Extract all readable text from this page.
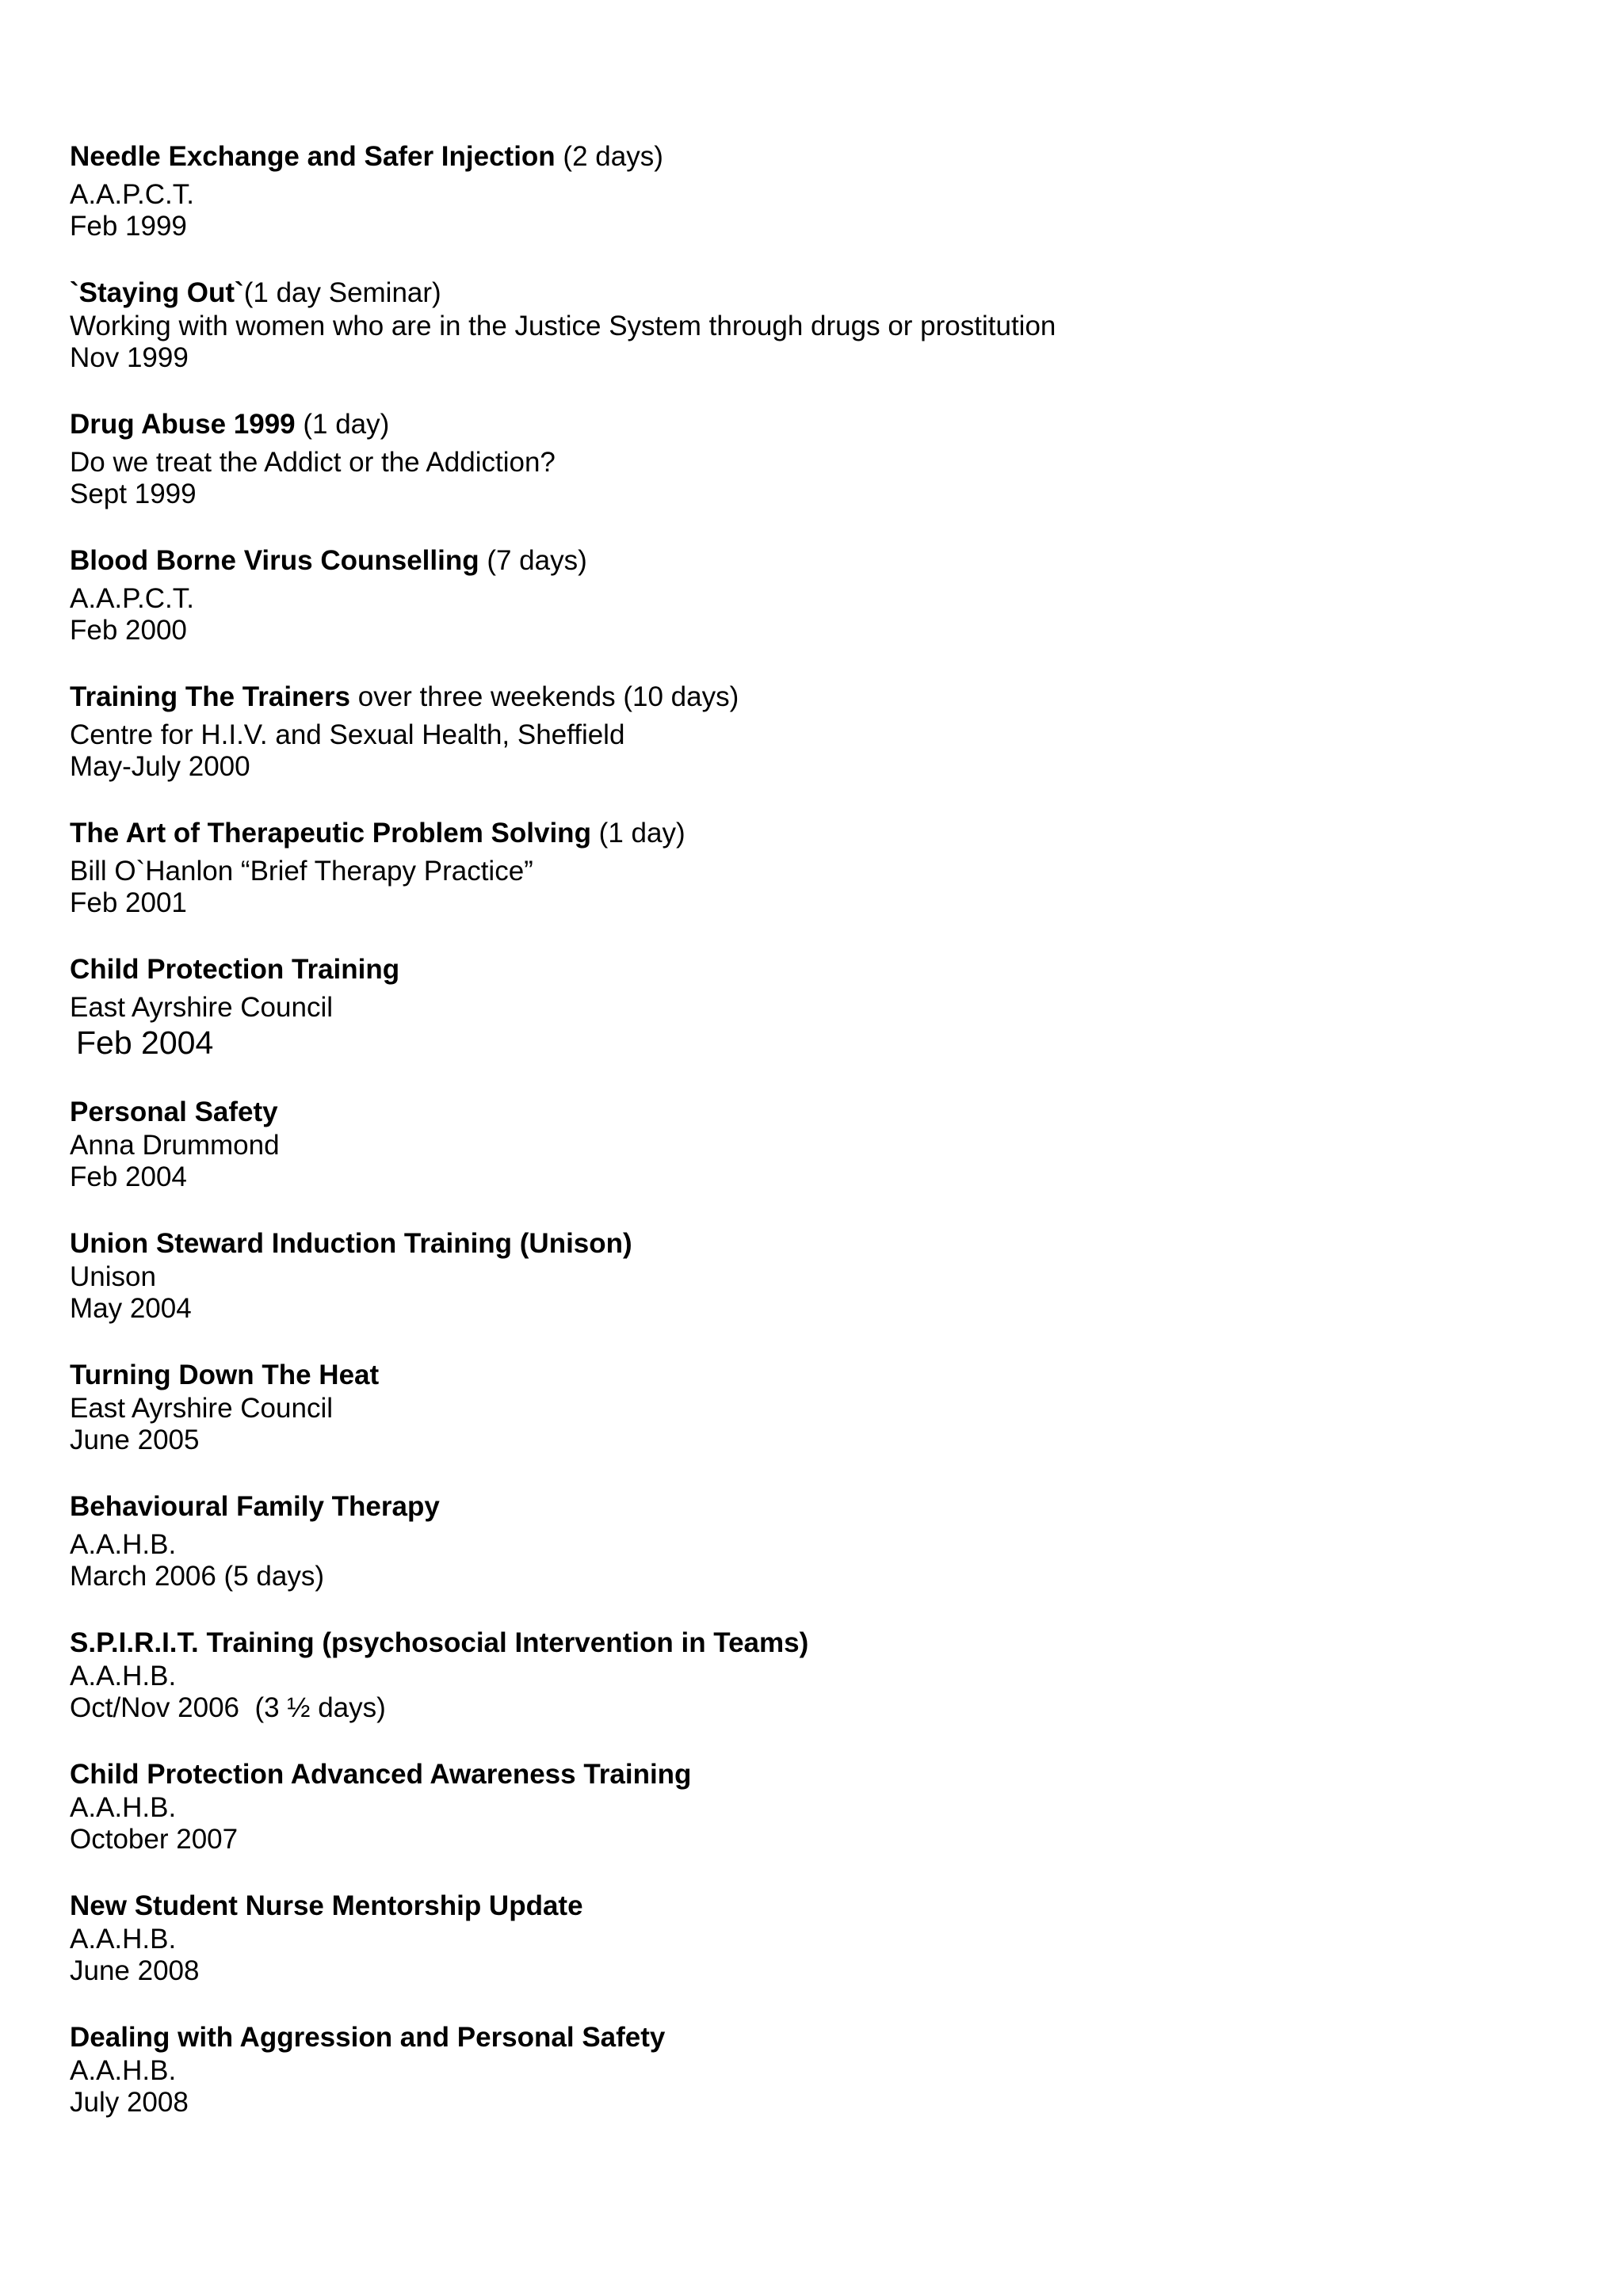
Needle Exchange and Safer Injection (2 days)
A.A.P.C.T.
Feb 1999
`Staying Out`(1 day Seminar)
Working with women who are in the Justice System through drugs or prostitution
Nov 1999
Drug Abuse 1999 (1 day)
Do we treat the Addict or the Addiction?
Sept 1999
Blood Borne Virus Counselling (7 days)
A.A.P.C.T.
Feb 2000
Training The Trainers over three weekends (10 days)
Centre for H.I.V. and Sexual Health, Sheffield
May-July 2000
The Art of Therapeutic Problem Solving (1 day)
Bill O`Hanlon “Brief Therapy Practice”
Feb 2001
Child Protection Training
East Ayrshire Council
Feb 2004
Personal Safety
Anna Drummond
Feb 2004
Union Steward Induction Training (Unison)
Unison
May 2004
Turning Down The Heat
East Ayrshire Council
June 2005
Behavioural Family Therapy
A.A.H.B.
March 2006 (5 days)
S.P.I.R.I.T. Training (psychosocial Intervention in Teams)
A.A.H.B.
Oct/Nov 2006  (3 ½ days)
Child Protection Advanced Awareness Training
A.A.H.B.
October 2007
New Student Nurse Mentorship Update
A.A.H.B.
June 2008
Dealing with Aggression and Personal Safety
A.A.H.B.
July 2008
